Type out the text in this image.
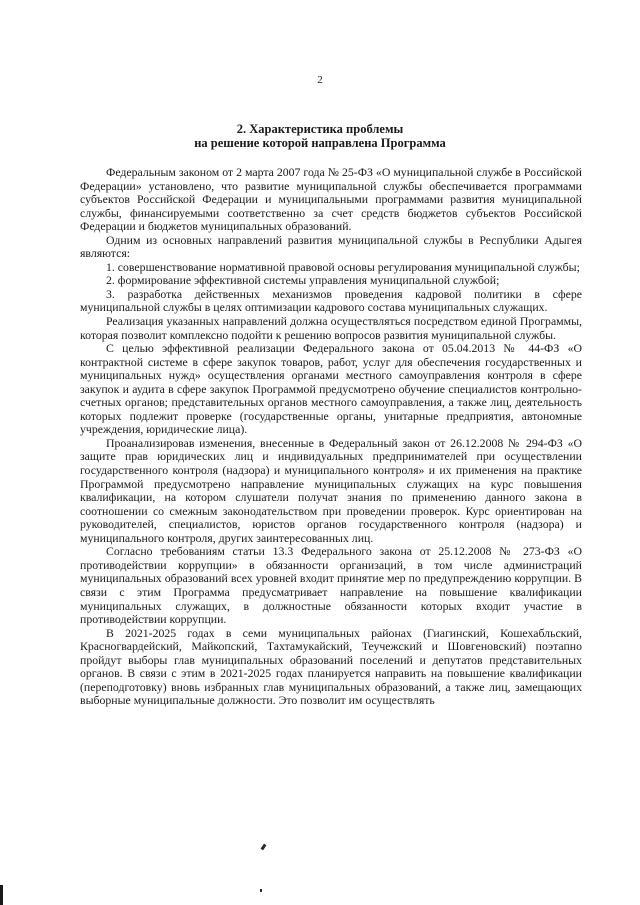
2
2. Характеристика проблемы
на решение которой направлена Программа

Федеральным законом от 2 марта 2007 года № 25-ФЗ «О муниципальной службе в Российской Федерации» установлено, что развитие муниципальной службы обеспечивается программами субъектов Российской Федерации и муниципальными программами развития муниципальной службы, финансируемыми соответственно за счет средств бюджетов субъектов Российской Федерации и бюджетов муниципальных образований.

Одним из основных направлений развития муниципальной службы в Республики Адыгея являются:

1. совершенствование нормативной правовой основы регулирования муниципальной службы;

2. формирование эффективной системы управления муниципальной службой;

3. разработка действенных механизмов проведения кадровой политики в сфере муниципальной службы в целях оптимизации кадрового состава муниципальных служащих.

Реализация указанных направлений должна осуществляться посредством единой Программы, которая позволит комплексно подойти к решению вопросов развития муниципальной службы.

С целью эффективной реализации Федерального закона от 05.04.2013 № 44-ФЗ «О контрактной системе в сфере закупок товаров, работ, услуг для обеспечения государственных и муниципальных нужд» осуществления органами местного самоуправления контроля в сфере закупок и аудита в сфере закупок Программой предусмотрено обучение специалистов контрольно-счетных органов; представительных органов местного самоуправления, а также лиц, деятельность которых подлежит проверке (государственные органы, унитарные предприятия, автономные учреждения, юридические лица).

Проанализировав изменения, внесенные в Федеральный закон от 26.12.2008 № 294-ФЗ «О защите прав юридических лиц и индивидуальных предпринимателей при осуществлении государственного контроля (надзора) и муниципального контроля» и их применения на практике Программой предусмотрено направление муниципальных служащих на курс повышения квалификации, на котором слушатели получат знания по применению данного закона в соотношении со смежным законодательством при проведении проверок. Курс ориентирован на руководителей, специалистов, юристов органов государственного контроля (надзора) и муниципального контроля, других заинтересованных лиц.

Согласно требованиям статьи 13.3 Федерального закона от 25.12.2008 № 273-ФЗ «О противодействии коррупции» в обязанности организаций, в том числе администраций муниципальных образований всех уровней входит принятие мер по предупреждению коррупции. В связи с этим Программа предусматривает направление на повышение квалификации муниципальных служащих, в должностные обязанности которых входит участие в противодействии коррупции.

В 2021-2025 годах в семи муниципальных районах (Гиагинский, Кошехабльский, Красногвардейский, Майкопский, Тахтамукайский, Теучежский и Шовгеновский) поэтапно пройдут выборы глав муниципальных образований поселений и депутатов представительных органов. В связи с этим в 2021-2025 годах планируется направить на повышение квалификации (переподготовку) вновь избранных глав муниципальных образований, а также лиц, замещающих выборные муниципальные должности. Это позволит им осуществлять
